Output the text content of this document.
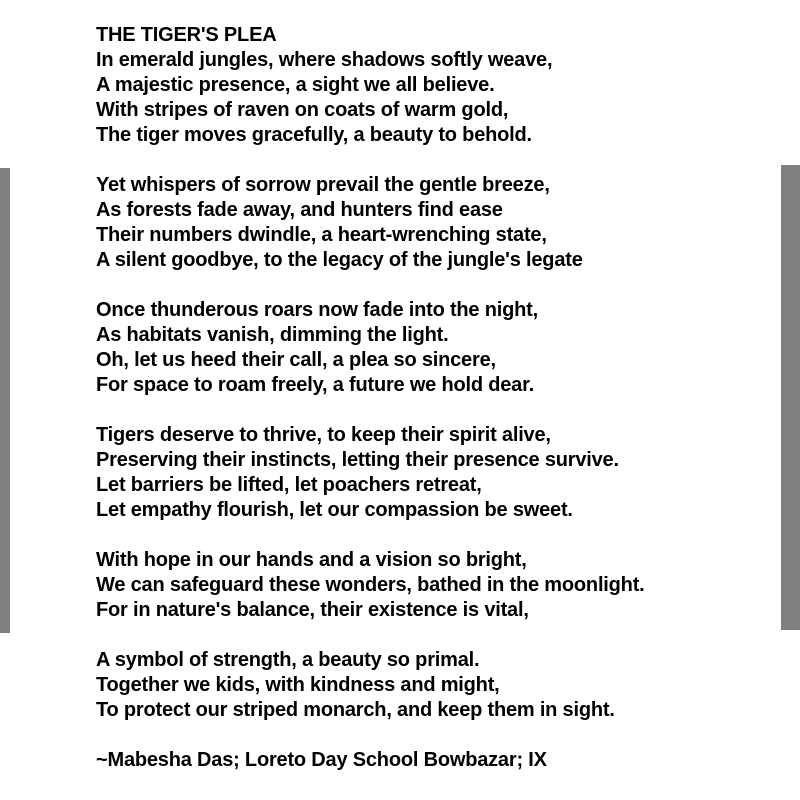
THE TIGER'S PLEA
In emerald jungles, where shadows softly weave,
A majestic presence, a sight we all believe.
With stripes of raven on coats of warm gold,
The tiger moves gracefully, a beauty to behold.
Yet whispers of sorrow prevail the gentle breeze,
As forests fade away, and hunters find ease
Their numbers dwindle, a heart-wrenching state,
A silent goodbye, to the legacy of the jungle's legate
Once thunderous roars now fade into the night,
As habitats vanish, dimming the light.
Oh, let us heed their call, a plea so sincere,
For space to roam freely, a future we hold dear.
Tigers deserve to thrive, to keep their spirit alive,
Preserving their instincts, letting their presence survive.
Let barriers be lifted, let poachers retreat,
Let empathy flourish, let our compassion be sweet.
With hope in our hands and a vision so bright,
We can safeguard these wonders, bathed in the moonlight.
For in nature's balance, their existence is vital,
A symbol of strength, a beauty so primal.
Together we kids, with kindness and might,
To protect our striped monarch, and keep them in sight.
~Mabesha Das; Loreto Day School Bowbazar; IX
